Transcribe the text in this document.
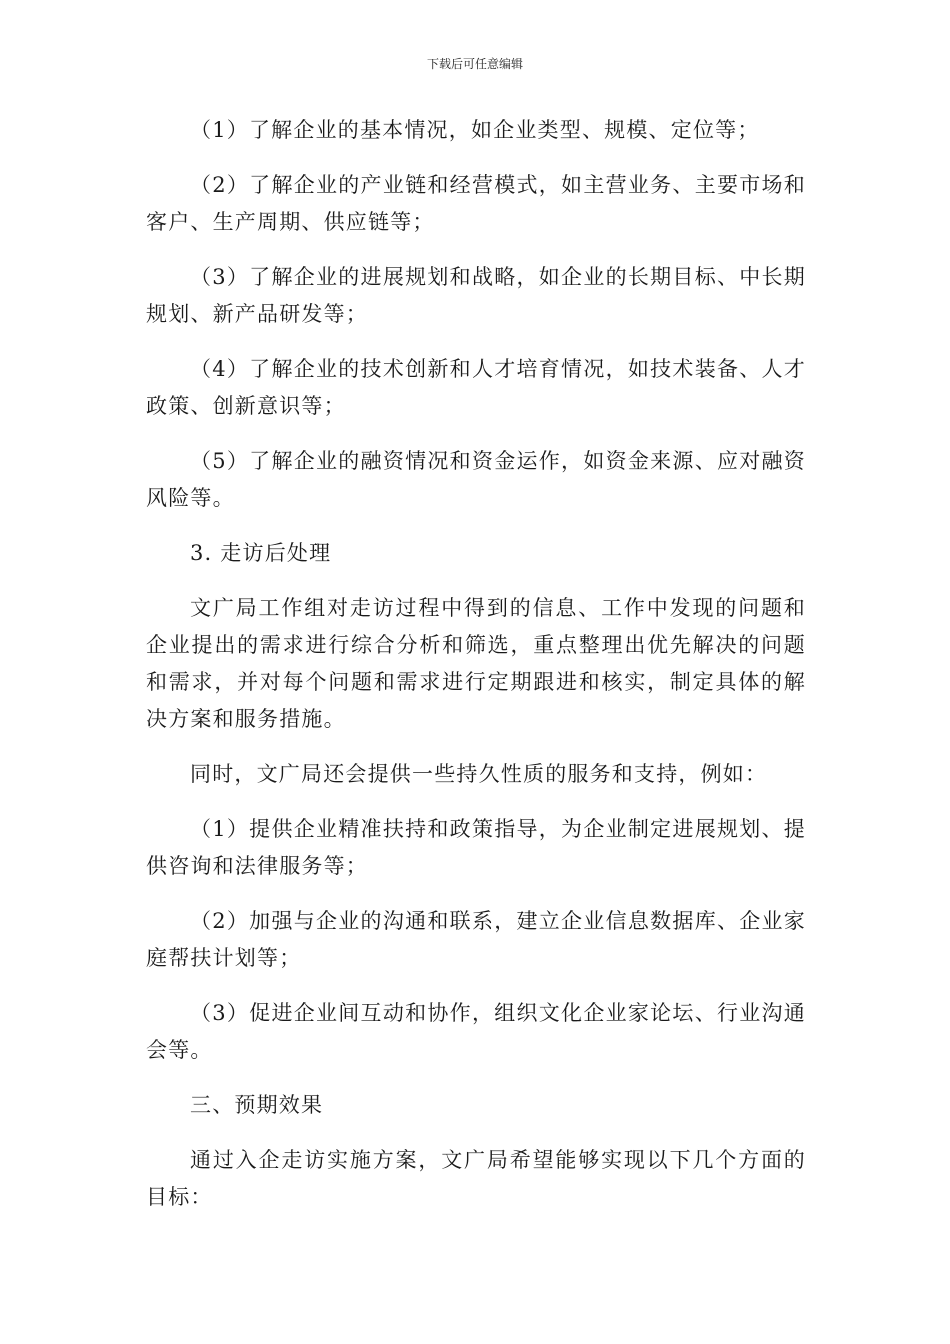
下载后可任意编辑

（1）了解企业的基本情况，如企业类型、规模、定位等；

（2）了解企业的产业链和经营模式，如主营业务、主要市场和客户、生产周期、供应链等；

（3）了解企业的进展规划和战略，如企业的长期目标、中长期规划、新产品研发等；

（4）了解企业的技术创新和人才培育情况，如技术装备、人才政策、创新意识等；

（5）了解企业的融资情况和资金运作，如资金来源、应对融资风险等。

3. 走访后处理

文广局工作组对走访过程中得到的信息、工作中发现的问题和企业提出的需求进行综合分析和筛选，重点整理出优先解决的问题和需求，并对每个问题和需求进行定期跟进和核实，制定具体的解决方案和服务措施。

同时，文广局还会提供一些持久性质的服务和支持，例如：

（1）提供企业精准扶持和政策指导，为企业制定进展规划、提供咨询和法律服务等；

（2）加强与企业的沟通和联系，建立企业信息数据库、企业家庭帮扶计划等；

（3）促进企业间互动和协作，组织文化企业家论坛、行业沟通会等。

三、预期效果

通过入企走访实施方案，文广局希望能够实现以下几个方面的目标：
